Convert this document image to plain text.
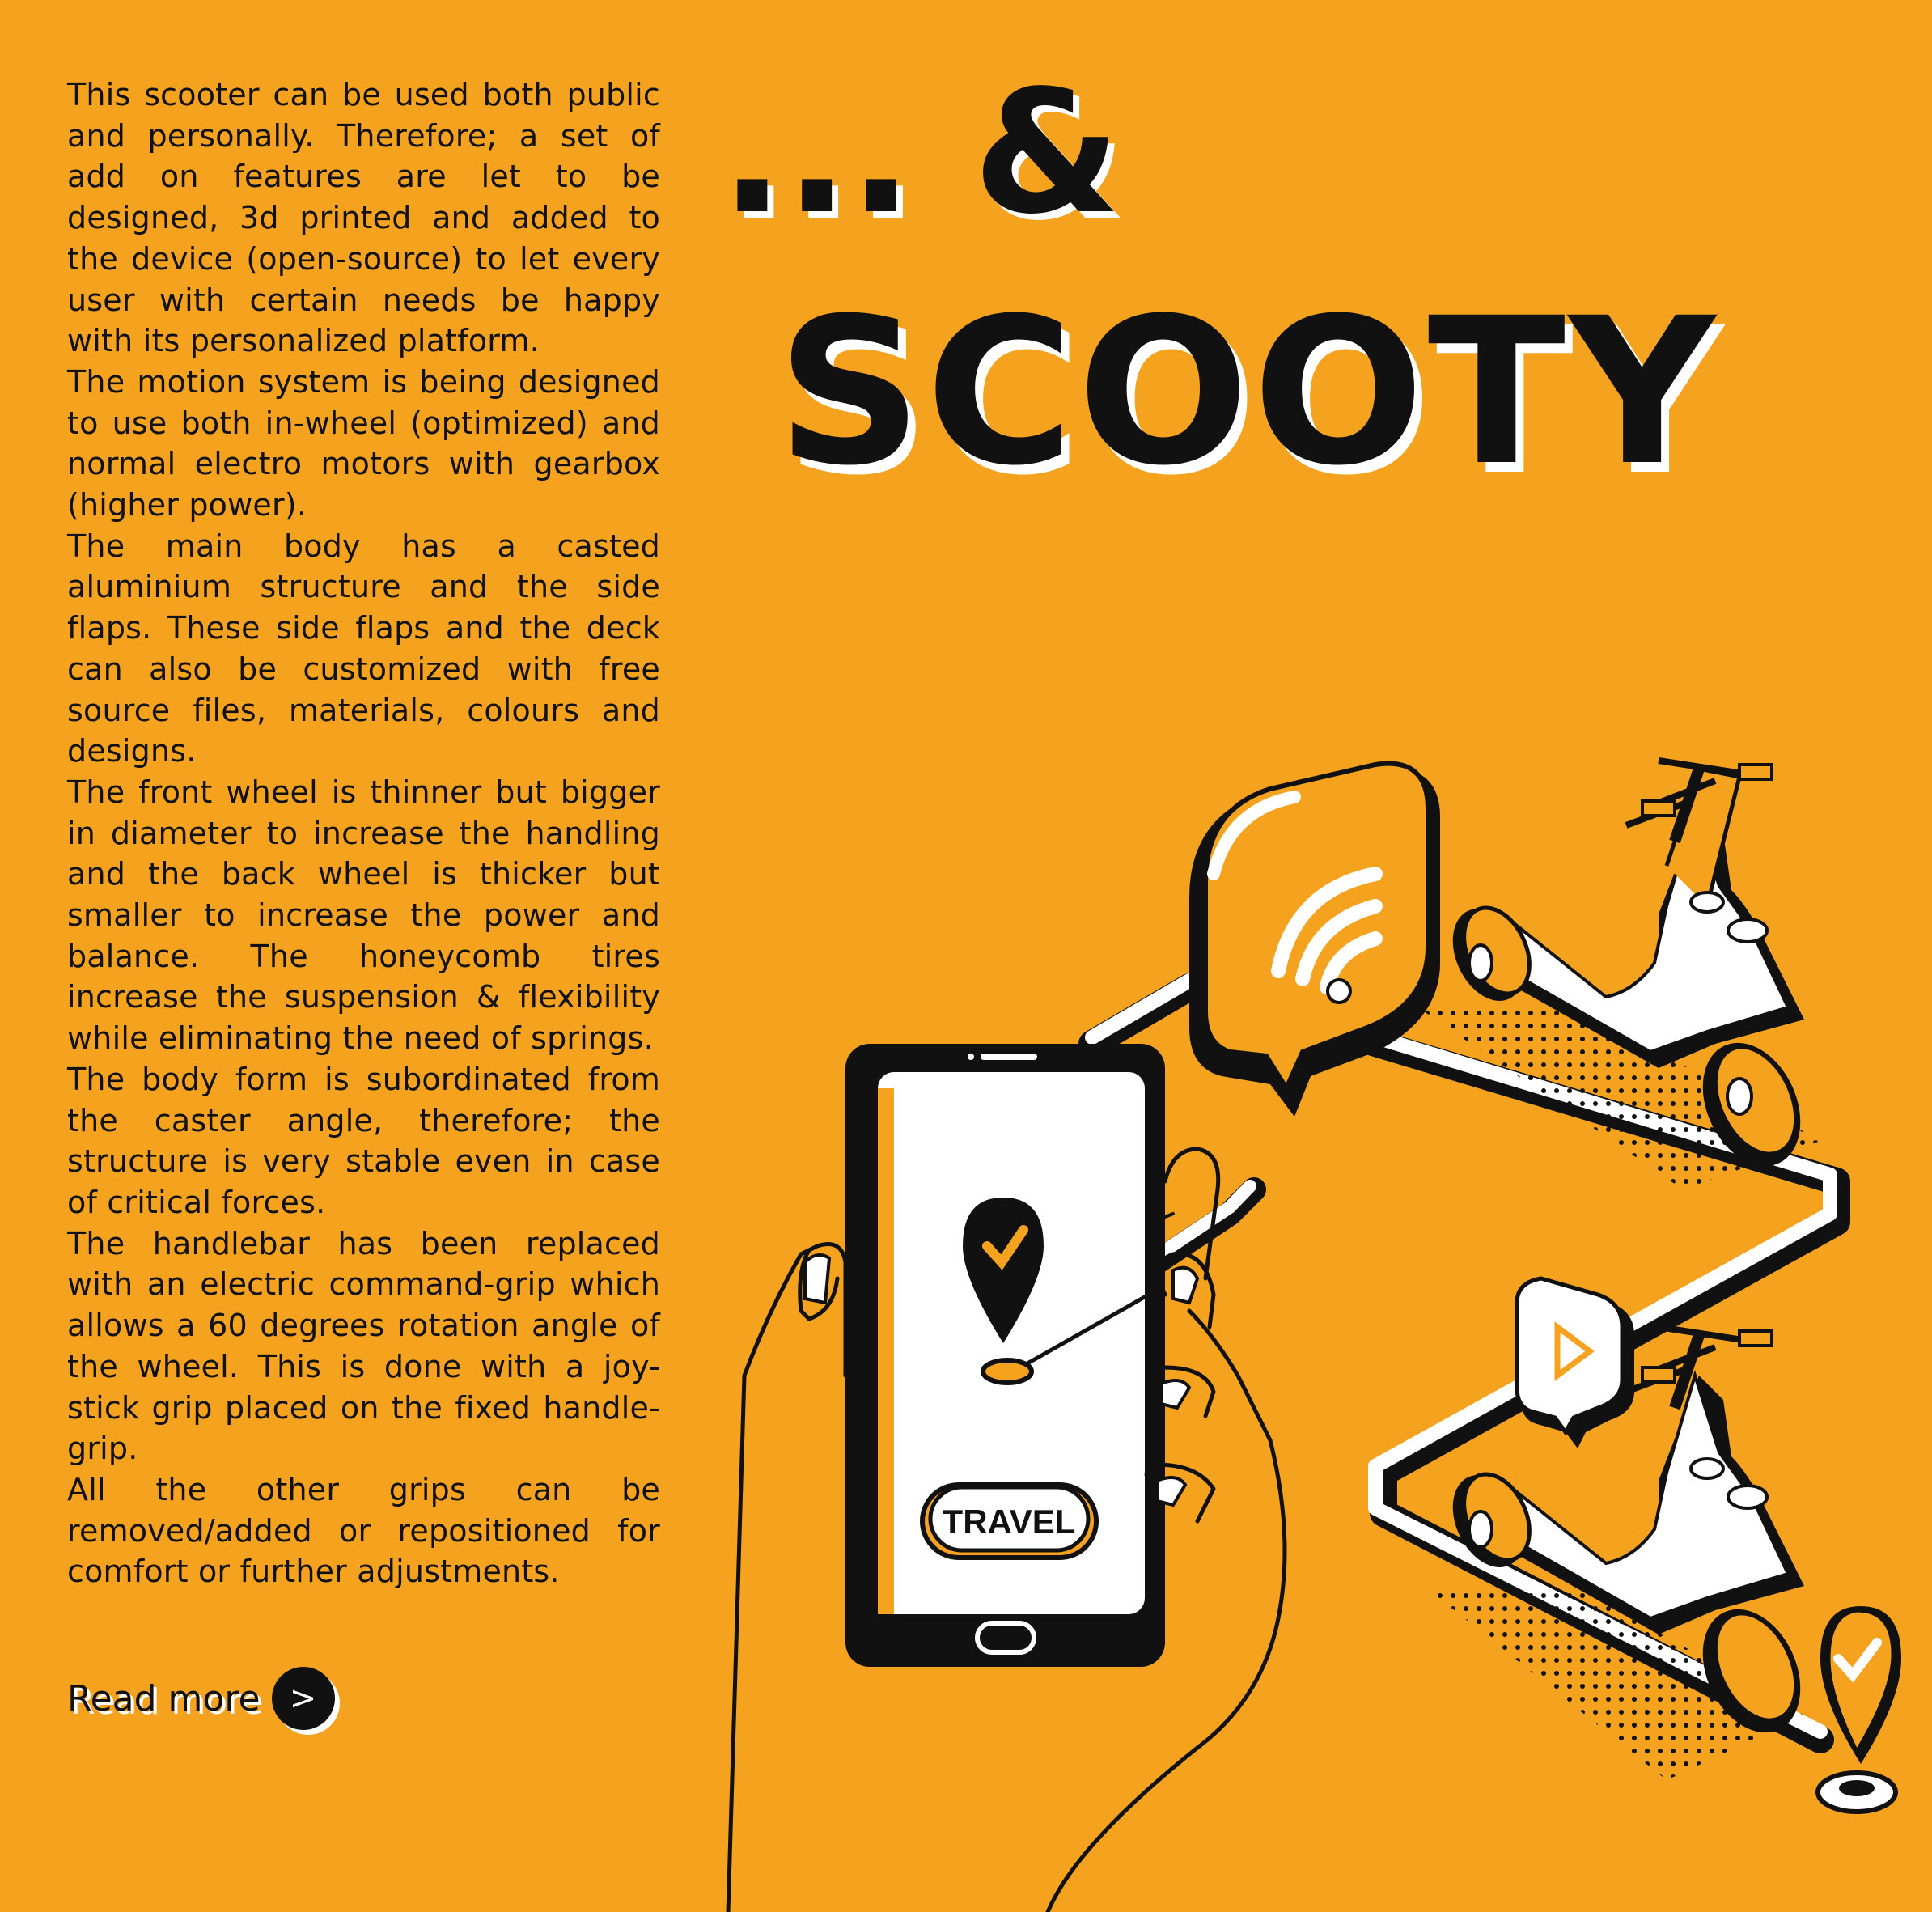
This scooter can be used both public and personally. Therefore; a set of add on features are let to be designed, 3d printed and added to the device (open-source) to let every user with certain needs be happy with its personalized platform.

The motion system is being designed to use both in-wheel (optimized) and normal electro motors with gearbox (higher power).

The main body has a casted aluminium structure and the side flaps. These side flaps and the deck can also be customized with free source files, materials, colours and designs.

The front wheel is thinner but bigger in diameter to increase the handling and the back wheel is thicker but smaller to increase the power and balance. The honeycomb tires increase the suspension & flexibility while eliminating the need of springs.

The body form is subordinated from the caster angle, therefore; the structure is very stable even in case of critical forces.

The handlebar has been replaced with an electric command-grip which allows a 60 degrees rotation angle of the wheel. This is done with a joy-stick grip placed on the fixed handle-grip.

All the other grips can be removed/added or repositioned for comfort or further adjustments.

... &
SCOOTY
Read more >
TRAVEL
